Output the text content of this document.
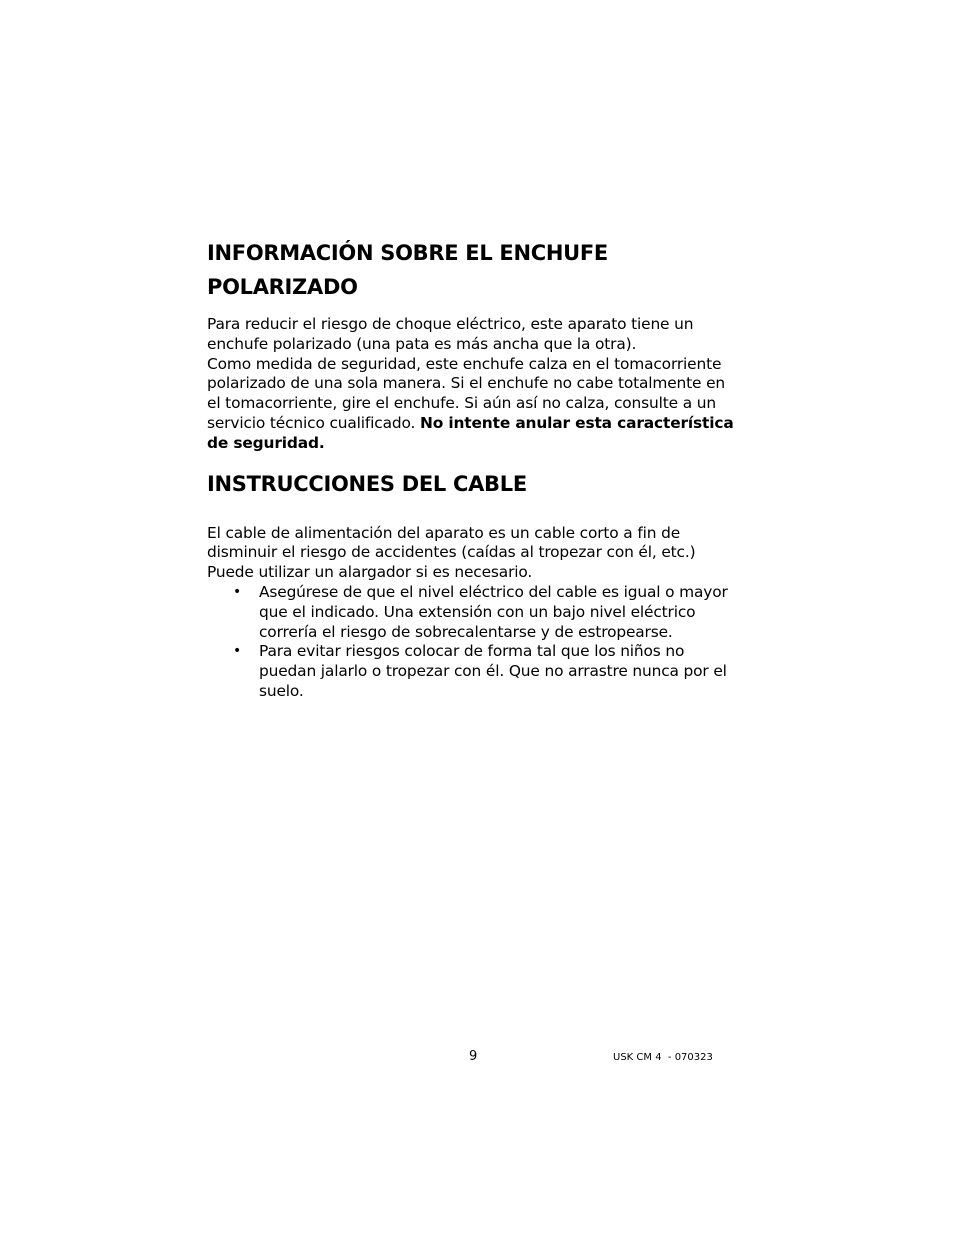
INFORMACIÓN SOBRE EL ENCHUFE POLARIZADO

Para reducir el riesgo de choque eléctrico, este aparato tiene un enchufe polarizado (una pata es más ancha que la otra).

Como medida de seguridad, este enchufe calza en el tomacorriente polarizado de una sola manera. Si el enchufe no cabe totalmente en el tomacorriente, gire el enchufe. Si aún así no calza, consulte a un servicio técnico cualificado. No intente anular esta característica de seguridad.

INSTRUCCIONES DEL CABLE

El cable de alimentación del aparato es un cable corto a fin de disminuir el riesgo de accidentes (caídas al tropezar con él, etc.) Puede utilizar un alargador si es necesario.

• Asegúrese de que el nivel eléctrico del cable es igual o mayor que el indicado. Una extensión con un bajo nivel eléctrico correría el riesgo de sobrecalentarse y de estropearse.
• Para evitar riesgos colocar de forma tal que los niños no puedan jalarlo o tropezar con él. Que no arrastre nunca por el suelo.
9	USK CM 4  - 070323
